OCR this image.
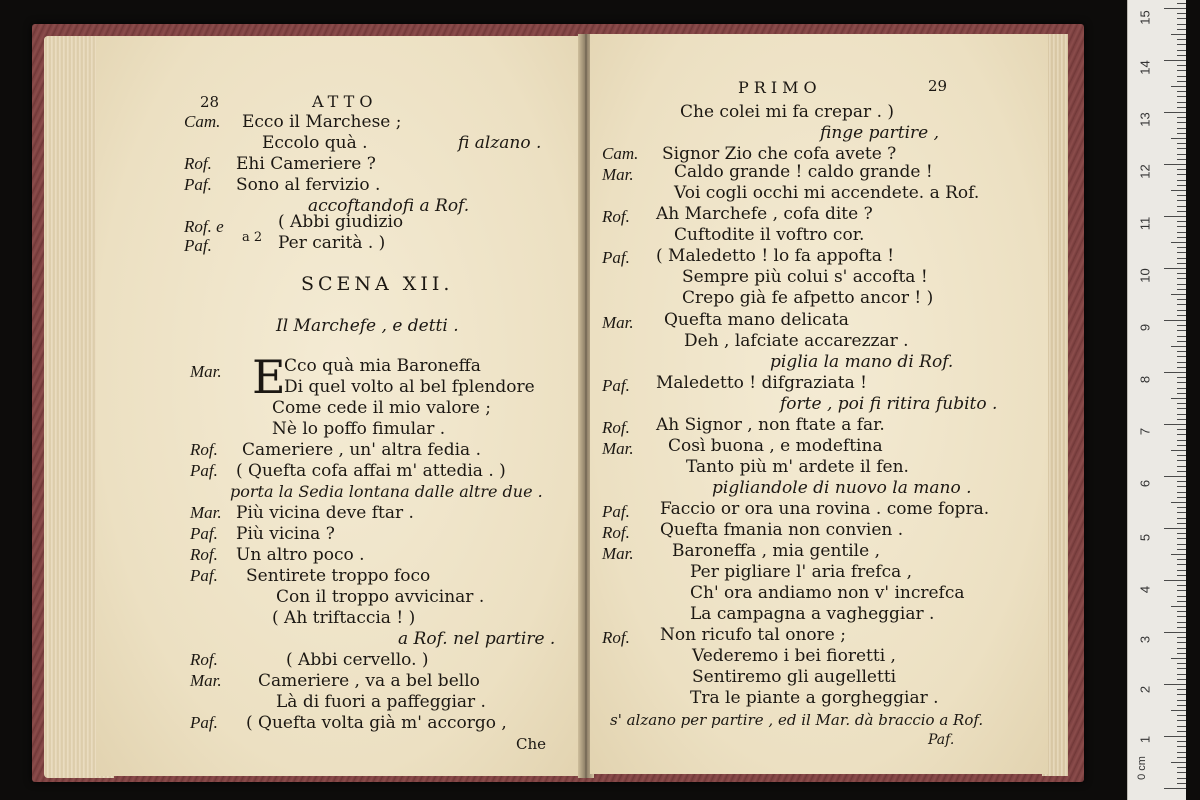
28	ATTO
Cam. Ecco il Marchese ;
Eccolo quà .	fi alzano .
Rof. Ehi Cameriere ?
Paf. Sono al fervizio .
accoftandofi a Rof.
Rof. e	( Abbi giudizio
a 2
Paf.	Per carità . )
SCENA XII.
Il Marchefe , e detti .
Mar. E
Cco quà mia Baroneffa
Di quel volto al bel fplendore
Come cede il mio valore ;
Nè lo poffo fimular .
Rof. Cameriere , un' altra fedia .
Paf. ( Quefta cofa affai m' attedia . )
porta la Sedia lontana dalle altre due .
Mar. Più vicina deve ftar .
Paf. Più vicina ?
Rof. Un altro poco .
Paf. Sentirete troppo foco
Con il troppo avvicinar .
( Ah triftaccia ! )
a Rof. nel partire .
Rof.	( Abbi cervello. )
Mar. Cameriere , va a bel bello
Là di fuori a paffeggiar .
Paf. ( Quefta volta già m' accorgo ,
Che
PRIMO	29
Che colei mi fa crepar . )
finge partire ,
Cam. Signor Zio che cofa avete ?
Mar. Caldo grande ! caldo grande !
Voi cogli occhi mi accendete. a Rof.
Rof. Ah Marchefe , cofa dite ?
Cuftodite il voftro cor.
Paf. ( Maledetto ! lo fa appofta !
Sempre più colui s' accofta !
Crepo già fe afpetto ancor ! )
Mar. Quefta mano delicata
Deh , lafciate accarezzar .
piglia la mano di Rof.
Paf. Maledetto ! difgraziata !
forte , poi fi ritira fubito .
Rof. Ah Signor , non ftate a far.
Mar. Così buona , e modeftina
Tanto più m' ardete il fen.
pigliandole di nuovo la mano .
Paf. Faccio or ora una rovina . come fopra.
Rof. Quefta fmania non convien .
Mar. Baroneffa , mia gentile ,
Per pigliare l' aria frefca ,
Ch' ora andiamo non v' increfca
La campagna a vagheggiar .
Rof. Non ricufo tal onore ;
Vederemo i bei fioretti ,
Sentiremo gli augelletti
Tra le piante a gorgheggiar .
s' alzano per partire , ed il Mar. dà braccio a Rof.
Paf.	1
2
3
4
5
6
7
8
9
10
11
12
13
14
15
0 cm
